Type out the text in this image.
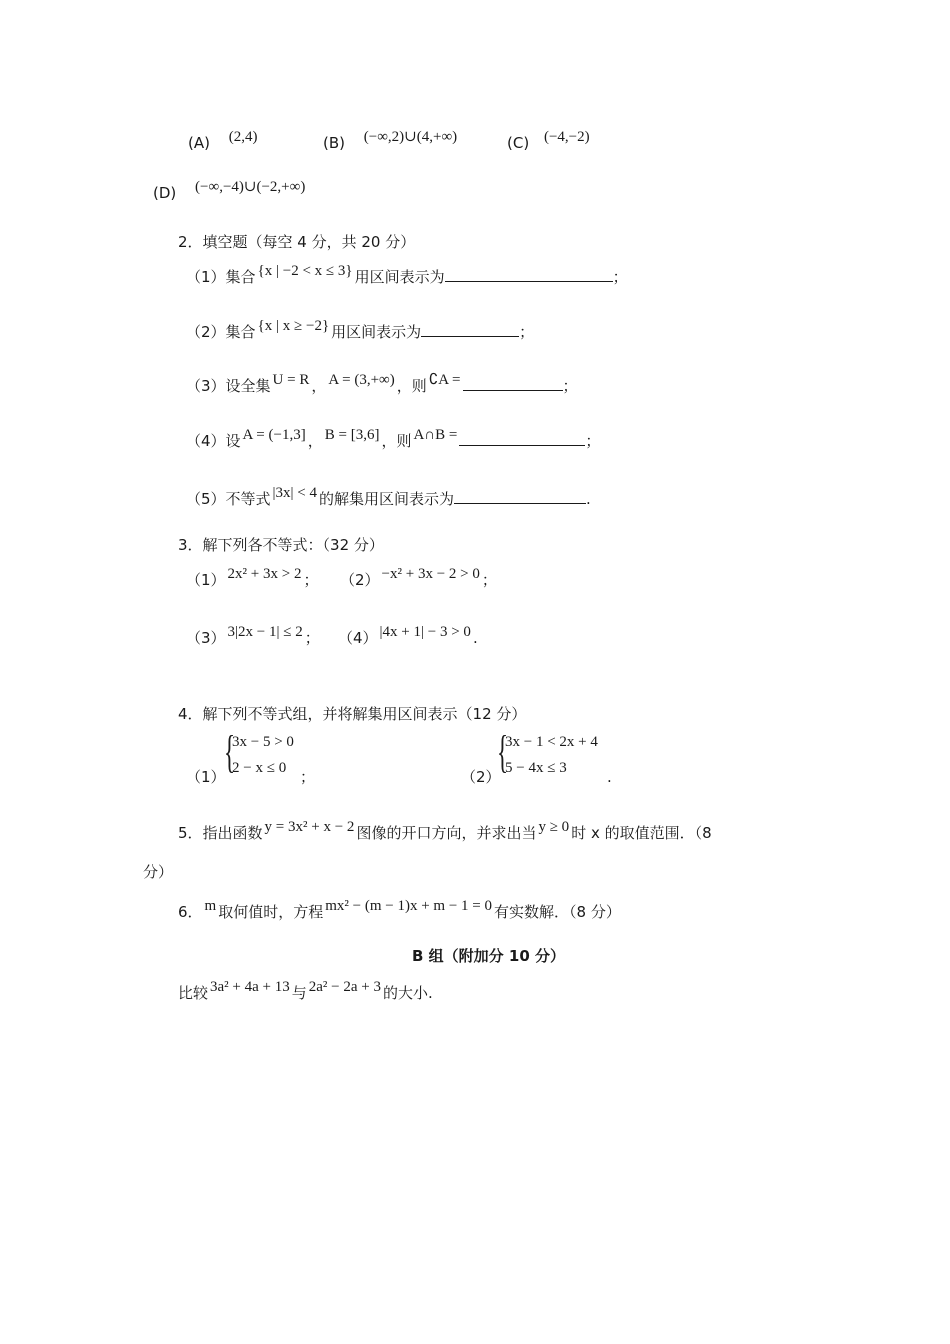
(A) (2,4)	(B) (−∞,2)∪(4,+∞)	(C) (−4,−2)
(D) (−∞,−4)∪(−2,+∞)
2．填空题（每空 4 分，共 20 分）
（1）集合 {x | −2 < x ≤ 3} 用区间表示为	；
（2）集合 {x | x ≥ −2} 用区间表示为	；
（3）设全集 U = R ， A = (3,+∞) ，则 ∁A =	；
（4）设 A = (−1,3] ， B = [3,6] ，则 A∩B =	；
（5）不等式 |3x| < 4 的解集用区间表示为	.
3．解下列各不等式：（32 分）
（1） 2x² + 3x > 2 ； （2） −x² + 3x − 2 > 0 ；
（3） 3|2x − 1| ≤ 2 ； （4） |4x + 1| − 3 > 0 .
4．解下列不等式组，并将解集用区间表示（12 分）
（1）
{
3x − 5 > 0
2 − x ≤ 0 ；	（2）
{
3x − 1 < 2x + 4
5 − 4x ≤ 3	.
5．指出函数 y = 3x² + x − 2 图像的开口方向，并求出当 y ≥ 0 时 x 的取值范围．（8
分）
6． m 取何值时，方程 mx² − (m − 1)x + m − 1 = 0 有实数解．（8 分）
B 组（附加分 10 分）
比较 3a² + 4a + 13 与 2a² − 2a + 3 的大小.
